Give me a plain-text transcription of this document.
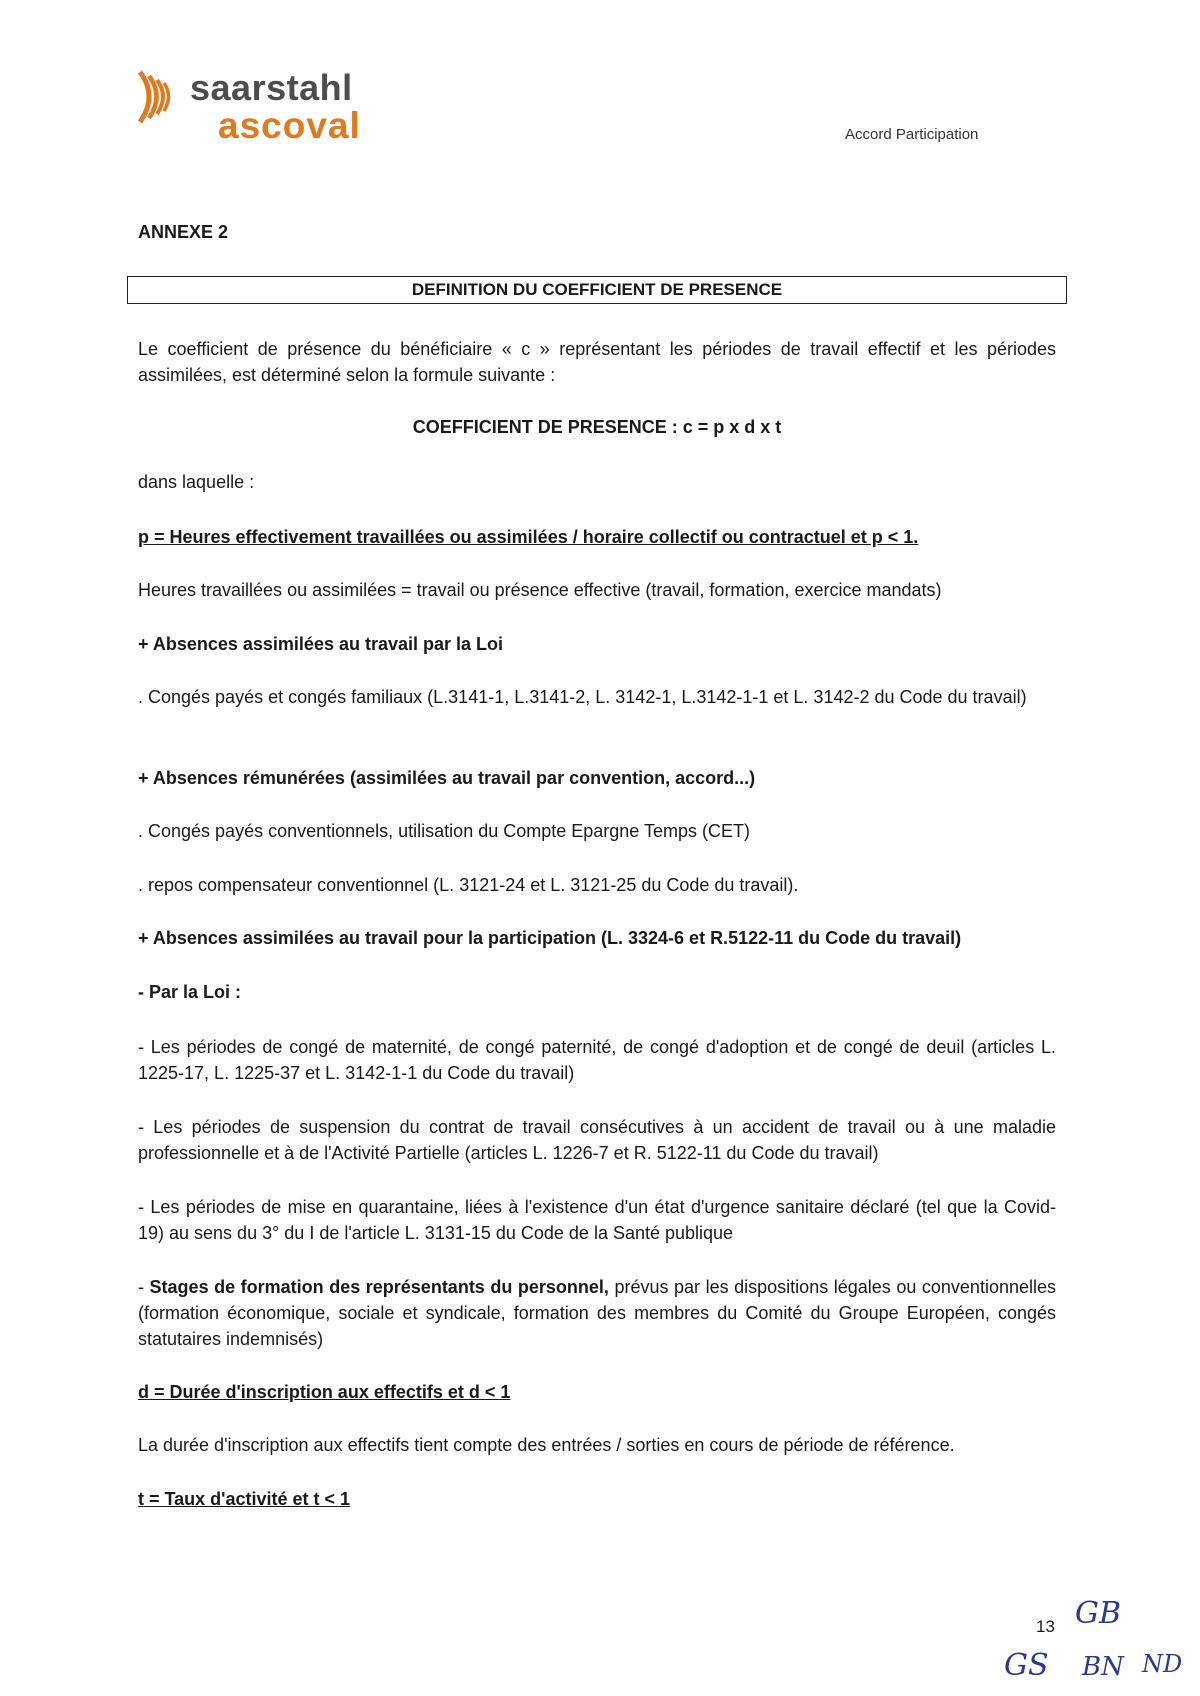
saarstahl
ascoval	Accord Participation
ANNEXE 2
DEFINITION DU COEFFICIENT DE PRESENCE
Le coefficient de présence du bénéficiaire « c » représentant les périodes de travail effectif et les périodes assimilées, est déterminé selon la formule suivante :
COEFFICIENT DE PRESENCE : c = p x d x t
dans laquelle :
p = Heures effectivement travaillées ou assimilées / horaire collectif ou contractuel et p < 1.
Heures travaillées ou assimilées = travail ou présence effective (travail, formation, exercice mandats)
+ Absences assimilées au travail par la Loi
. Congés payés et congés familiaux (L.3141-1, L.3141-2, L. 3142-1, L.3142-1-1 et L. 3142-2 du Code du travail)
+ Absences rémunérées (assimilées au travail par convention, accord...)
. Congés payés conventionnels, utilisation du Compte Epargne Temps (CET)
. repos compensateur conventionnel (L. 3121-24 et L. 3121-25 du Code du travail).
+ Absences assimilées au travail pour la participation (L. 3324-6 et R.5122-11 du Code du travail)
- Par la Loi :
- Les périodes de congé de maternité, de congé paternité, de congé d'adoption et de congé de deuil (articles L. 1225-17, L. 1225-37 et L. 3142-1-1 du Code du travail)
- Les périodes de suspension du contrat de travail consécutives à un accident de travail ou à une maladie professionnelle et à de l'Activité Partielle (articles L. 1226-7 et R. 5122-11 du Code du travail)
- Les périodes de mise en quarantaine, liées à l'existence d'un état d'urgence sanitaire déclaré (tel que la Covid-19) au sens du 3° du I de l'article L. 3131-15 du Code de la Santé publique
- Stages de formation des représentants du personnel, prévus par les dispositions légales ou conventionnelles (formation économique, sociale et syndicale, formation des membres du Comité du Groupe Européen, congés statutaires indemnisés)
d = Durée d'inscription aux effectifs et d < 1
La durée d'inscription aux effectifs tient compte des entrées / sorties en cours de période de référence.
t = Taux d'activité et t < 1
13 GB
GS BN ND
